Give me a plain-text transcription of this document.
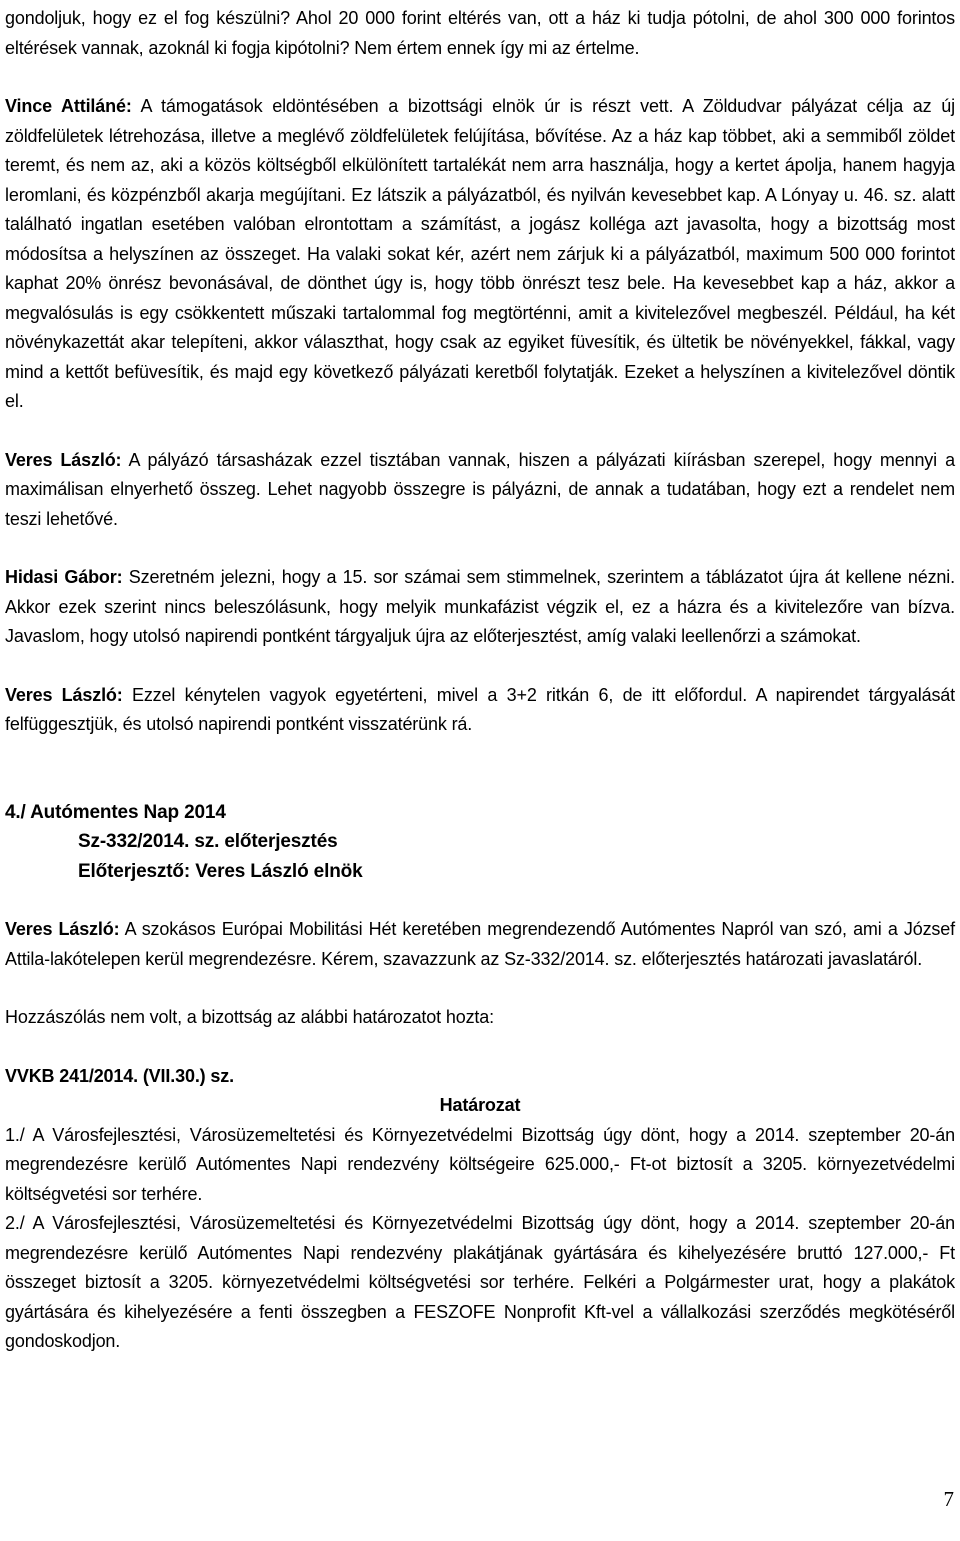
gondoljuk, hogy ez el fog készülni? Ahol 20 000 forint eltérés van, ott a ház ki tudja pótolni, de ahol 300 000 forintos eltérések vannak, azoknál ki fogja kipótolni? Nem értem ennek így mi az értelme.

Vince Attiláné: A támogatások eldöntésében a bizottsági elnök úr is részt vett. A Zöldudvar pályázat célja az új zöldfelületek létrehozása, illetve a meglévő zöldfelületek felújítása, bővítése. Az a ház kap többet, aki a semmiből zöldet teremt, és nem az, aki a közös költségből elkülönített tartalékát nem arra használja, hogy a kertet ápolja, hanem hagyja leromlani, és közpénzből akarja megújítani. Ez látszik a pályázatból, és nyilván kevesebbet kap. A Lónyay u. 46. sz. alatt található ingatlan esetében valóban elrontottam a számítást, a jogász kolléga azt javasolta, hogy a bizottság most módosítsa a helyszínen az összeget. Ha valaki sokat kér, azért nem zárjuk ki a pályázatból, maximum 500 000 forintot kaphat 20% önrész bevonásával, de dönthet úgy is, hogy több önrészt tesz bele. Ha kevesebbet kap a ház, akkor a megvalósulás is egy csökkentett műszaki tartalommal fog megtörténni, amit a kivitelezővel megbeszél. Például, ha két növénykazettát akar telepíteni, akkor választhat, hogy csak az egyiket füvesítik, és ültetik be növényekkel, fákkal, vagy mind a kettőt befüvesítik, és majd egy következő pályázati keretből folytatják. Ezeket a helyszínen a kivitelezővel döntik el.

Veres László: A pályázó társasházak ezzel tisztában vannak, hiszen a pályázati kiírásban szerepel, hogy mennyi a maximálisan elnyerhető összeg. Lehet nagyobb összegre is pályázni, de annak a tudatában, hogy ezt a rendelet nem teszi lehetővé.

Hidasi Gábor: Szeretném jelezni, hogy a 15. sor számai sem stimmelnek, szerintem a táblázatot újra át kellene nézni. Akkor ezek szerint nincs beleszólásunk, hogy melyik munkafázist végzik el, ez a házra és a kivitelezőre van bízva. Javaslom, hogy utolsó napirendi pontként tárgyaljuk újra az előterjesztést, amíg valaki leellenőrzi a számokat.

Veres László: Ezzel kénytelen vagyok egyetérteni, mivel a 3+2 ritkán 6, de itt előfordul. A napirendet tárgyalását felfüggesztjük, és utolsó napirendi pontként visszatérünk rá.

4./ Autómentes Nap 2014

Sz-332/2014. sz. előterjesztés

Előterjesztő: Veres László elnök

Veres László: A szokásos Európai Mobilitási Hét keretében megrendezendő Autómentes Napról van szó, ami a József Attila-lakótelepen kerül megrendezésre. Kérem, szavazzunk az Sz-332/2014. sz. előterjesztés határozati javaslatáról.

Hozzászólás nem volt, a bizottság az alábbi határozatot hozta:

VVKB 241/2014. (VII.30.) sz.

Határozat

1./ A Városfejlesztési, Városüzemeltetési és Környezetvédelmi Bizottság úgy dönt, hogy a 2014. szeptember 20-án megrendezésre kerülő Autómentes Napi rendezvény költségeire 625.000,- Ft-ot biztosít a 3205. környezetvédelmi költségvetési sor terhére.

2./ A Városfejlesztési, Városüzemeltetési és Környezetvédelmi Bizottság úgy dönt, hogy a 2014. szeptember 20-án megrendezésre kerülő Autómentes Napi rendezvény plakátjának gyártására és kihelyezésére bruttó 127.000,- Ft összeget biztosít a 3205. környezetvédelmi költségvetési sor terhére. Felkéri a Polgármester urat, hogy a plakátok gyártására és kihelyezésére a fenti összegben a FESZOFE Nonprofit Kft-vel a vállalkozási szerződés megkötéséről gondoskodjon.

7
